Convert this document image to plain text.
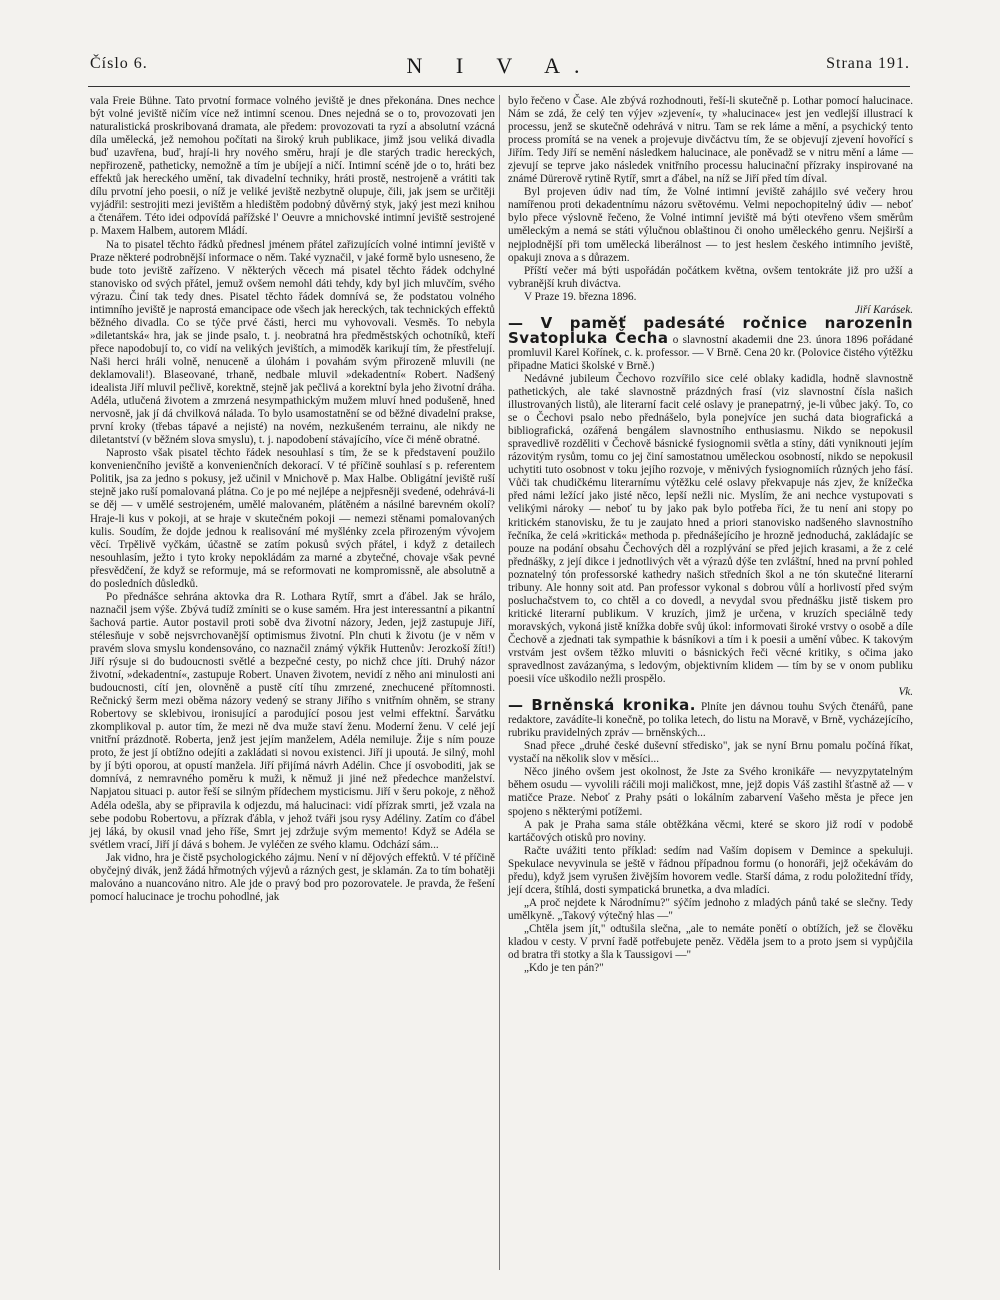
Číslo 6.	N I V A.	Strana 191.

vala Freie Bühne. Tato prvotní formace volného jeviště je dnes překonána. Dnes nechce být volné jeviště ničím více než intimní scenou. Dnes nejedná se o to, provozovati jen naturalistická proskribovaná dramata, ale předem: provozovati ta ryzí a absolutní vzácná díla umělecká, jež nemohou počítati na široký kruh publikace, jimž jsou veliká divadla buď uzavřena, buď, hrají-li hry nového směru, hrají je dle starých tradic hereckých, nepřirozeně, patheticky, nemožně a tím je ubíjejí a ničí. Intimní scéně jde o to, hráti bez effektů jak hereckého umění, tak divadelní techniky, hráti prostě, nestrojeně a vrátiti tak dílu prvotní jeho poesii, o níž je veliké jeviště nezbytně olupuje, čili, jak jsem se určitěji vyjádřil: sestrojiti mezi jevištěm a hledištěm podobný důvěrný styk, jaký jest mezi knihou a čtenářem. Této idei odpovídá pařížské l' Oeuvre a mnichovské intimní jeviště sestrojené p. Maxem Halbem, autorem Mládí.

Na to pisatel těchto řádků přednesl jménem přátel zařizujících volné intimní jeviště v Praze některé podrobnější informace o něm. Také vyznačil, v jaké formě bylo usneseno, že bude toto jeviště zařízeno. V některých věcech má pisatel těchto řádek odchylné stanovisko od svých přátel, jemuž ovšem nemohl dáti tehdy, kdy byl jich mluvčím, svého výrazu. Činí tak tedy dnes. Pisatel těchto řádek domnívá se, že podstatou volného intimního jeviště je naprostá emancipace ode všech jak hereckých, tak technických effektů běžného divadla. Co se týče prvé části, herci mu vyhovovali. Vesměs. To nebyla »diletantská« hra, jak se jinde psalo, t. j. neobratná hra předměstských ochotníků, kteří přece napodobují to, co vidí na velikých jevištích, a mimoděk karikují tím, že přestřelují. Naši herci hráli volně, nenuceně a úlohám i povahám svým přirozeně mluvili (ne deklamovali!). Blaseované, trhaně, nedbale mluvil »dekadentní« Robert. Nadšený idealista Jiří mluvil pečlivě, korektně, stejně jak pečlivá a korektní byla jeho životní dráha. Adéla, utlučená životem a zmrzená nesympathickým mužem mluví hned podušeně, hned nervosně, jak jí dá chvilková nálada. To bylo usamostatnění se od běžné divadelní prakse, první kroky (třebas tápavé a nejisté) na novém, nezkušeném terrainu, ale nikdy ne diletantství (v běžném slova smyslu), t. j. napodobení stávajícího, více či méně obratné.

Naprosto však pisatel těchto řádek nesouhlasí s tím, že se k představení použilo konvenienčního jeviště a konvenienčních dekorací. V té příčině souhlasí s p. referentem Politik, jsa za jedno s pokusy, jež učinil v Mnichově p. Max Halbe. Obligátní jeviště ruší stejně jako ruší pomalovaná plátna. Co je po mé nejlépe a nejpřesněji svedené, odehrává-li se děj — v umělé sestrojeném, umělé malovaném, plátěném a násilné barevném okolí? Hraje-li kus v pokoji, at se hraje v skutečném pokoji — nemezi stěnami pomalovaných kulis. Soudím, že dojde jednou k realisování mé myšlénky zcela přirozeným vývojem věcí. Trpělivě vyčkám, účastně se zatím pokusů svých přátel, i když z detailech nesouhlasím, ježto i tyto kroky nepokládám za marné a zbytečné, chovaje však pevné přesvědčení, že když se reformuje, má se reformovati ne kompromissně, ale absolutně a do posledních důsledků.

Po přednášce sehrána aktovka dra R. Lothara Rytíř, smrt a ďábel. Jak se hrálo, naznačil jsem výše. Zbývá tudíž zmíniti se o kuse samém. Hra jest interessantní a pikantní šachová partie. Autor postavil proti sobě dva životní názory, Jeden, jejž zastupuje Jiří, stélesňuje v sobě nejsvrchovanější optimismus životní. Pln chuti k životu (je v něm v pravém slova smyslu kondensováno, co naznačil známý výkřik Huttenův: Jerozkoší žíti!) Jiří rýsuje si do budoucnosti světlé a bezpečné cesty, po nichž chce jíti. Druhý názor životní, »dekadentní«, zastupuje Robert. Unaven životem, nevidí z něho ani minulosti ani budoucnosti, cítí jen, olovněně a pustě cítí tíhu zmrzené, znechucené přítomnosti. Rečnický šerm mezi oběma názory vedený se strany Jiřího s vnitřním ohněm, se strany Robertovy se sklebivou, ironisující a parodující posou jest velmi effektní. Šarvátku zkomplikoval p. autor tím, že mezi ně dva muže staví ženu. Moderní ženu. V celé její vnitřní prázdnotě. Roberta, jenž jest jejím manželem, Adéla nemiluje. Žije s ním pouze proto, že jest jí obtížno odejíti a zakládati si novou existenci. Jiří ji upoutá. Je silný, mohl by jí býti oporou, at opustí manžela. Jiří přijímá návrh Adélin. Chce jí osvoboditi, jak se domnívá, z nemravného poměru k muži, k němuž ji jiné než předechce manželství. Napjatou situaci p. autor řeší se silným přídechem mysticismu. Jiří v šeru pokoje, z něhož Adéla odešla, aby se připravila k odjezdu, má halucinaci: vidí přízrak smrti, jež vzala na sebe podobu Robertovu, a přízrak ďábla, v jehož tváři jsou rysy Adéliny. Zatím co ďábel jej láká, by okusil vnad jeho říše, Smrt jej zdržuje svým memento! Když se Adéla se svétlem vrací, Jiří jí dává s bohem. Je vyléčen ze svého klamu. Odchází sám...

Jak vidno, hra je čistě psychologického zájmu. Není v ní dějových effektů. V té příčině obyčejný divák, jenž žádá hřmotných výjevů a rázných gest, je sklamán. Za to tím bohatěji malováno a nuancováno nitro. Ale jde o pravý bod pro pozorovatele. Je pravda, že řešení pomocí halucinace je trochu pohodlné, jak

bylo řečeno v Čase. Ale zbývá rozhodnouti, řeší-li skutečně p. Lothar pomocí halucinace. Nám se zdá, že celý ten výjev »zjevení«, ty »halucinace« jest jen vedlejší illustrací k processu, jenž se skutečně odehrává v nitru. Tam se rek láme a mění, a psychický tento process promítá se na venek a projevuje divčáctvu tím, že se objevují zjevení hovořící s Jiřím. Tedy Jiří se nemění následkem halucinace, ale poněvadž se v nitru mění a láme — zjevují se teprve jako následek vnitřního processu halucinační přízraky inspirované na známé Dürerově rytině Rytíř, smrt a ďábel, na níž se Jiří před tím díval.

Byl projeven údiv nad tím, že Volné intimní jeviště zahájilo své večery hrou namířenou proti dekadentnímu názoru světovému. Velmi nepochopitelný údiv — neboť bylo přece výslovně řečeno, že Volné intimní jeviště má býti otevřeno všem směrům uměleckým a nemá se státi výlučnou oblaštinou či onoho uměleckého genru. Nejširší a nejplodnější při tom umělecká liberálnost — to jest heslem českého intimního jeviště, opakuji znova a s důrazem.

Příští večer má býti uspořádán počátkem května, ovšem tentokráte již pro užší a vybranější kruh diváctva.

V Praze 19. března 1896.

Jiří Karásek.

— V paměť padesáté ročnice narozenin Svatopluka Čecha o slavnostní akademii dne 23. února 1896 pořádané promluvil Karel Kořínek, c. k. professor. — V Brně. Cena 20 kr. (Polovice čistého výtěžku připadne Matici školské v Brně.)

Nedávné jubileum Čechovo rozvířilo sice celé oblaky kadidla, hodně slavnostně pathetických, ale také slavnostně prázdných frasí (viz slavnostní čísla našich illustrovaných listů), ale literarní facit celé oslavy je pranepatrný, je-li vůbec jaký. To, co se o Čechovi psalo nebo přednášelo, byla ponejvíce jen suchá data biografická a bibliografická, ozářená bengálem slavnostního enthusiasmu. Nikdo se nepokusil spravedlivě rozděliti v Čechově básnické fysiognomii světla a stíny, dáti vyniknouti jejím rázovitým rysům, tomu co jej činí samostatnou uměleckou osobností, nikdo se nepokusil uchytiti tuto osobnost v toku jejího rozvoje, v měnivých fysiognomiích různých jeho fásí. Vůči tak chudičkému literarnímu výtěžku celé oslavy překvapuje nás zjev, že knížečka před námi ležící jako jisté něco, lepší nežli nic. Myslím, že ani nechce vystupovati s velikými nároky — neboť tu by jako pak bylo potřeba říci, že tu není ani stopy po kritickém stanovisku, že tu je zaujato hned a priori stanovisko nadšeného slavnostního řečníka, že celá »kritická« methoda p. přednášejícího je hrozně jednoduchá, zakládajíc se pouze na podání obsahu Čechových děl a rozplývání se před jejich krasami, a že z celé přednášky, z její dikce i jednotlivých vět a výrazů dýše ten zvláštní, hned na první pohled poznatelný tón professorské kathedry našich středních škol a ne tón skutečné literarní tribuny. Ale honny soit atd. Pan professor vykonal s dobrou vůlí a horlivostí před svým posluchačstvem to, co chtěl a co dovedl, a nevydal svou přednášku jistě tiskem pro kritické literarní publikum. V kruzích, jimž je určena, v kruzích speciálně tedy moravských, vykoná jistě knížka dobře svůj úkol: informovati široké vrstvy o osobě a díle Čechově a zjednati tak sympathie k básníkovi a tím i k poesii a umění vůbec. K takovým vrstvám jest ovšem těžko mluviti o básnických řeči věcné kritiky, s očima jako spravedlnost zavázanýma, s ledovým, objektivním klidem — tím by se v onom publiku poesii více uškodilo nežli prospělo.

Vk.

— Brněnská kronika. Plníte jen dávnou touhu Svých čtenářů, pane redaktore, zavádíte-li konečně, po tolika letech, do listu na Moravě, v Brně, vycházejícího, rubriku pravidelných zpráv — brněnských...

Snad přece „druhé české duševní středisko", jak se nyní Brnu pomalu počíná říkat, vystačí na několik slov v měsíci...

Něco jiného ovšem jest okolnost, že Jste za Svého kronikáře — nevyzpytatelným během osudu — vyvolili ráčili moji maličkost, mne, jejž dopis Váš zastihl šťastně až — v matičce Praze. Neboť z Prahy psáti o lokálním zabarvení Vašeho města je přece jen spojeno s některými potížemi.

A pak je Praha sama stále obtěžkána věcmi, které se skoro již rodí v podobě kartáčových otisků pro noviny.

Račte uvážiti tento příklad: sedím nad Vaším dopisem v Demince a spekuluji. Spekulace nevyvinula se ještě v řádnou případnou formu (o honoráři, jejž očekávám do předu), když jsem vyrušen živějším hovorem vedle. Starší dáma, z rodu položitední třídy, její dcera, štíhlá, dosti sympatická brunetka, a dva mladíci.

„A proč nejdete k Národnímu?" sýčím jednoho z mladých pánů také se slečny. Tedy umělkyně. „Takový výtečný hlas —"

„Chtěla jsem jít," odtušila slečna, „ale to nemáte ponětí o obtížích, jež se člověku kladou v cesty. V první řadě potřebujete peněz. Věděla jsem to a proto jsem si vypůjčila od bratra tři stotky a šla k Taussigovi —"

„Kdo je ten pán?"
